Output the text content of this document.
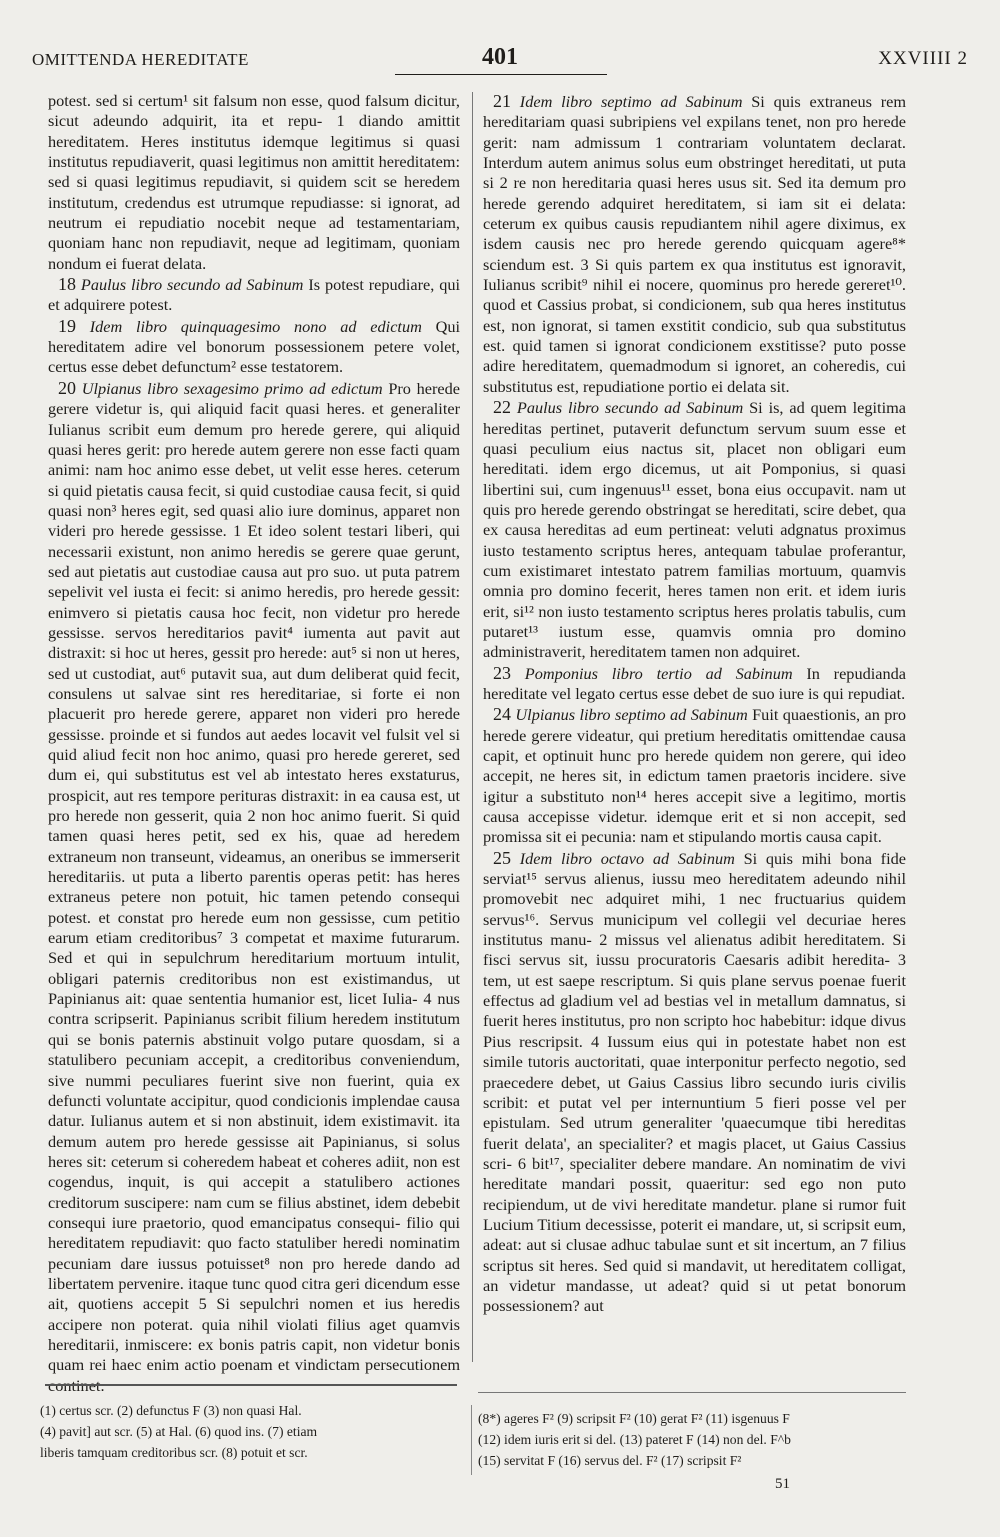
OMITTENDA HEREDITATE	401	XXVIIII 2

potest. sed si certum¹ sit falsum non esse, quod falsum dicitur, sicut adeundo adquirit, ita et repu- 1 diando amittit hereditatem. Heres institutus idemque legitimus si quasi institutus repudiaverit, quasi legitimus non amittit hereditatem: sed si quasi legitimus repudiavit, si quidem scit se heredem institutum, credendus est utrumque repudiasse: si ignorat, ad neutrum ei repudiatio nocebit neque ad testamentariam, quoniam hanc non repudiavit, neque ad legitimam, quoniam nondum ei fuerat delata.

18 Paulus libro secundo ad Sabinum Is potest repudiare, qui et adquirere potest.

19 Idem libro quinquagesimo nono ad edictum Qui hereditatem adire vel bonorum possessionem petere volet, certus esse debet defunctum² esse testatorem.

20 Ulpianus libro sexagesimo primo ad edictum Pro herede gerere videtur is, qui aliquid facit quasi heres. et generaliter Iulianus scribit eum demum pro herede gerere, qui aliquid quasi heres gerit: pro herede autem gerere non esse facti quam animi: nam hoc animo esse debet, ut velit esse heres. ceterum si quid pietatis causa fecit, si quid custodiae causa fecit, si quid quasi non³ heres egit, sed quasi alio iure dominus, apparet non videri pro herede gessisse. 1 Et ideo solent testari liberi, qui necessarii existunt, non animo heredis se gerere quae gerunt, sed aut pietatis aut custodiae causa aut pro suo. ut puta patrem sepelivit vel iusta ei fecit: si animo heredis, pro herede gessit: enimvero si pietatis causa hoc fecit, non videtur pro herede gessisse. servos hereditarios pavit⁴ iumenta aut pavit aut distraxit: si hoc ut heres, gessit pro herede: aut⁵ si non ut heres, sed ut custodiat, aut⁶ putavit sua, aut dum deliberat quid fecit, consulens ut salvae sint res hereditariae, si forte ei non placuerit pro herede gerere, apparet non videri pro herede gessisse. proinde et si fundos aut aedes locavit vel fulsit vel si quid aliud fecit non hoc animo, quasi pro herede gereret, sed dum ei, qui substitutus est vel ab intestato heres exstaturus, prospicit, aut res tempore perituras distraxit: in ea causa est, ut pro herede non gesserit, quia 2 non hoc animo fuerit. Si quid tamen quasi heres petit, sed ex his, quae ad heredem extraneum non transeunt, videamus, an oneribus se immerserit hereditariis. ut puta a liberto parentis operas petit: has heres extraneus petere non potuit, hic tamen petendo consequi potest. et constat pro herede eum non gessisse, cum petitio earum etiam creditoribus⁷ 3 competat et maxime futurarum. Sed et qui in sepulchrum hereditarium mortuum intulit, obligari paternis creditoribus non est existimandus, ut Papinianus ait: quae sententia humanior est, licet Iulia- 4 nus contra scripserit. Papinianus scribit filium heredem institutum qui se bonis paternis abstinuit volgo putare quosdam, si a statulibero pecuniam accepit, a creditoribus conveniendum, sive nummi peculiares fuerint sive non fuerint, quia ex defuncti voluntate accipitur, quod condicionis implendae causa datur. Iulianus autem et si non abstinuit, idem existimavit. ita demum autem pro herede gessisse ait Papinianus, si solus heres sit: ceterum si coheredem habeat et coheres adiit, non est cogendus, inquit, is qui accepit a statulibero actiones creditorum suscipere: nam cum se filius abstinet, idem debebit consequi iure praetorio, quod emancipatus consequi- filio qui hereditatem repudiavit: quo facto statuliber heredi nominatim pecuniam dare iussus potuisset⁸ non pro herede dando ad libertatem pervenire. itaque tunc quod citra geri dicendum esse ait, quotiens accepit 5 Si sepulchri nomen et ius heredis accipere non poterat. quia nihil violati filius aget quamvis hereditarii, inmiscere: ex bonis patris capit, non videtur bonis quam rei haec enim actio poenam et vindictam persecutionem continet.

21 Idem libro septimo ad Sabinum Si quis extraneus rem hereditariam quasi subripiens vel expilans tenet, non pro herede gerit: nam admissum 1 contrariam voluntatem declarat. Interdum autem animus solus eum obstringet hereditati, ut puta si 2 re non hereditaria quasi heres usus sit. Sed ita demum pro herede gerendo adquiret hereditatem, si iam sit ei delata: ceterum ex quibus causis repudiantem nihil agere diximus, ex isdem causis nec pro herede gerendo quicquam agere⁸* sciendum est. 3 Si quis partem ex qua institutus est ignoravit, Iulianus scribit⁹ nihil ei nocere, quominus pro herede gereret¹⁰. quod et Cassius probat, si condicionem, sub qua heres institutus est, non ignorat, si tamen exstitit condicio, sub qua substitutus est. quid tamen si ignorat condicionem exstitisse? puto posse adire hereditatem, quemadmodum si ignoret, an coheredis, cui substitutus est, repudiatione portio ei delata sit.

22 Paulus libro secundo ad Sabinum Si is, ad quem legitima hereditas pertinet, putaverit defunctum servum suum esse et quasi peculium eius nactus sit, placet non obligari eum hereditati. idem ergo dicemus, ut ait Pomponius, si quasi libertini sui, cum ingenuus¹¹ esset, bona eius occupavit. nam ut quis pro herede gerendo obstringat se hereditati, scire debet, qua ex causa hereditas ad eum pertineat: veluti adgnatus proximus iusto testamento scriptus heres, antequam tabulae proferantur, cum existimaret intestato patrem familias mortuum, quamvis omnia pro domino fecerit, heres tamen non erit. et idem iuris erit, si¹² non iusto testamento scriptus heres prolatis tabulis, cum putaret¹³ iustum esse, quamvis omnia pro domino administraverit, hereditatem tamen non adquiret.

23 Pomponius libro tertio ad Sabinum In repudianda hereditate vel legato certus esse debet de suo iure is qui repudiat.

24 Ulpianus libro septimo ad Sabinum Fuit quaestionis, an pro herede gerere videatur, qui pretium hereditatis omittendae causa capit, et optinuit hunc pro herede quidem non gerere, qui ideo accepit, ne heres sit, in edictum tamen praetoris incidere. sive igitur a substituto non¹⁴ heres accepit sive a legitimo, mortis causa accepisse videtur. idemque erit et si non accepit, sed promissa sit ei pecunia: nam et stipulando mortis causa capit.

25 Idem libro octavo ad Sabinum Si quis mihi bona fide serviat¹⁵ servus alienus, iussu meo hereditatem adeundo nihil promovebit nec adquiret mihi, 1 nec fructuarius quidem servus¹⁶. Servus municipum vel collegii vel decuriae heres institutus manu- 2 missus vel alienatus adibit hereditatem. Si fisci servus sit, iussu procuratoris Caesaris adibit heredita- 3 tem, ut est saepe rescriptum. Si quis plane servus poenae fuerit effectus ad gladium vel ad bestias vel in metallum damnatus, si fuerit heres institutus, pro non scripto hoc habebitur: idque divus Pius rescripsit. 4 Iussum eius qui in potestate habet non est simile tutoris auctoritati, quae interponitur perfecto negotio, sed praecedere debet, ut Gaius Cassius libro secundo iuris civilis scribit: et putat vel per internuntium 5 fieri posse vel per epistulam. Sed utrum generaliter 'quaecumque tibi hereditas fuerit delata', an specialiter? et magis placet, ut Gaius Cassius scri- 6 bit¹⁷, specialiter debere mandare. An nominatim de vivi hereditate mandari possit, quaeritur: sed ego non puto recipiendum, ut de vivi hereditate mandetur. plane si rumor fuit Lucium Titium decessisse, poterit ei mandare, ut, si scripsit eum, adeat: aut si clusae adhuc tabulae sunt et sit incertum, an 7 filius scriptus sit heres. Sed quid si mandavit, ut hereditatem colligat, an videtur mandasse, ut adeat? quid si ut petat bonorum possessionem? aut

(1) certus scr. (2) defunctus F (3) non quasi Hal.

(4) pavit] aut scr. (5) at Hal. (6) quod ins. (7) etiam

liberis tamquam creditoribus scr. (8) potuit et scr.

(8*) ageres F² (9) scripsit F² (10) gerat F² (11) isgenuus F

(12) idem iuris erit si del. (13) pateret F (14) non del. F^b

(15) servitat F (16) servus del. F² (17) scripsit F²

51
